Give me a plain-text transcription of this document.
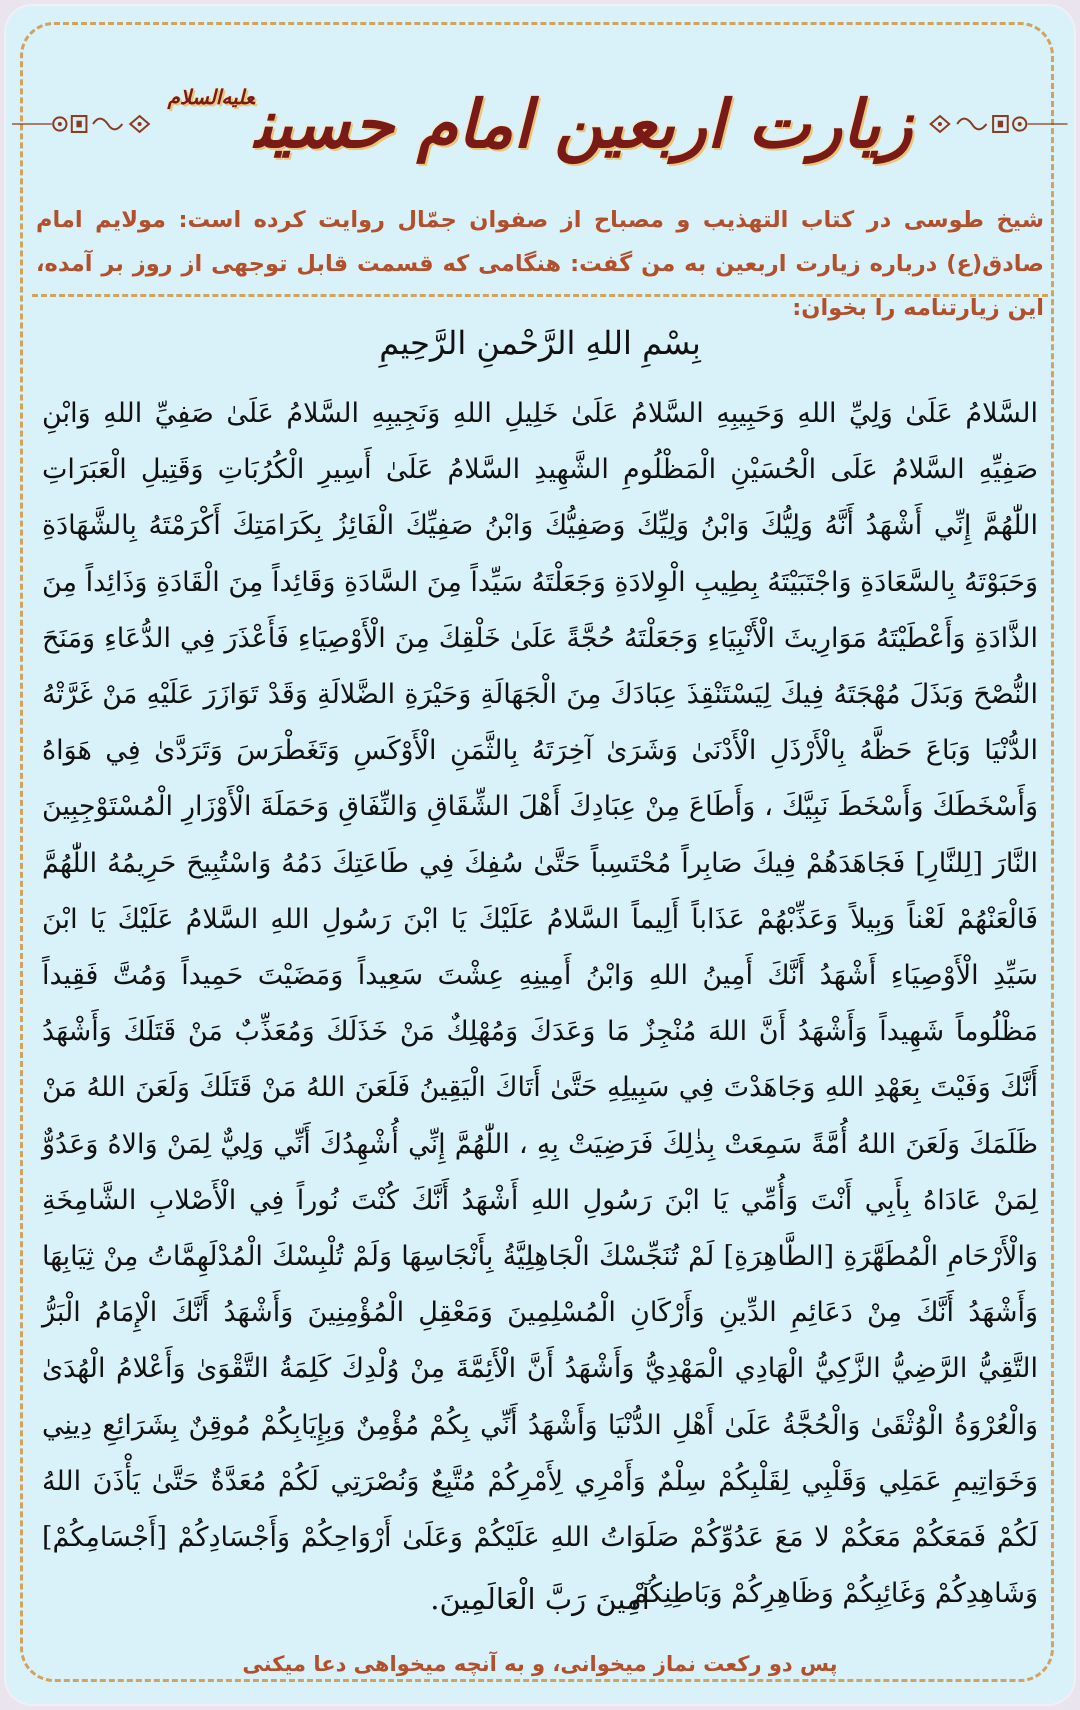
زیارت اربعین امام حسین$^{علیه‌السلام}$
شیخ طوسی در کتاب التهذیب و مصباح از صفوان جمّال روایت کرده است: مولایم امام صادق(ع) درباره زیارت اربعین به من گفت: هنگامی که قسمت قابل توجهی از روز بر آمده، این زیارتنامه را بخوان:
بِسْمِ اللهِ الرَّحْمنِ الرَّحِيمِ
السَّلامُ عَلَىٰ وَلِيِّ اللهِ وَحَبِيبِهِ السَّلامُ عَلَىٰ خَلِيلِ اللهِ وَنَجِيبِهِ السَّلامُ عَلَىٰ صَفِيِّ اللهِ وَابْنِ صَفِيِّهِ السَّلامُ عَلَى الْحُسَيْنِ الْمَظْلُومِ الشَّهِيدِ السَّلامُ عَلَىٰ أَسِيرِ الْكُرُبَاتِ وَقَتِيلِ الْعَبَرَاتِ اللّٰهُمَّ إِنِّي أَشْهَدُ أَنَّهُ وَلِيُّكَ وَابْنُ وَلِيِّكَ وَصَفِيُّكَ وَابْنُ صَفِيِّكَ الْفَائِزُ بِكَرَامَتِكَ أَكْرَمْتَهُ بِالشَّهَادَةِ وَحَبَوْتَهُ بِالسَّعَادَةِ وَاجْتَبَيْتَهُ بِطِيبِ الْوِلادَةِ وَجَعَلْتَهُ سَيِّداً مِنَ السَّادَةِ وَقَائِداً مِنَ الْقَادَةِ وَذَائِداً مِنَ الذَّادَةِ وَأَعْطَيْتَهُ مَوَارِيثَ الْأَنْبِيَاءِ وَجَعَلْتَهُ حُجَّةً عَلَىٰ خَلْقِكَ مِنَ الْأَوْصِيَاءِ فَأَعْذَرَ فِي الدُّعَاءِ وَمَنَحَ النُّصْحَ وَبَذَلَ مُهْجَتَهُ فِيكَ لِيَسْتَنْقِذَ عِبَادَكَ مِنَ الْجَهَالَةِ وَحَيْرَةِ الضَّلالَةِ وَقَدْ تَوَازَرَ عَلَيْهِ مَنْ غَرَّتْهُ الدُّنْيَا وَبَاعَ حَظَّهُ بِالْأَرْذَلِ الْأَدْنَىٰ وَشَرَىٰ آخِرَتَهُ بِالثَّمَنِ الْأَوْكَسِ وَتَغَطْرَسَ وَتَرَدَّىٰ فِي هَوَاهُ وَأَسْخَطَكَ وَأَسْخَطَ نَبِيَّكَ ، وَأَطَاعَ مِنْ عِبَادِكَ أَهْلَ الشِّقَاقِ وَالنِّفَاقِ وَحَمَلَةَ الْأَوْزَارِ الْمُسْتَوْجِبِينَ النَّارَ [لِلنَّارِ] فَجَاهَدَهُمْ فِيكَ صَابِراً مُحْتَسِباً حَتَّىٰ سُفِكَ فِي طَاعَتِكَ دَمُهُ وَاسْتُبِيحَ حَرِيمُهُ اللّٰهُمَّ فَالْعَنْهُمْ لَعْناً وَبِيلاً وَعَذِّبْهُمْ عَذَاباً أَلِيماً السَّلامُ عَلَيْكَ يَا ابْنَ رَسُولِ اللهِ السَّلامُ عَلَيْكَ يَا ابْنَ سَيِّدِ الْأَوْصِيَاءِ أَشْهَدُ أَنَّكَ أَمِينُ اللهِ وَابْنُ أَمِينِهِ عِشْتَ سَعِيداً وَمَضَيْتَ حَمِيداً وَمُتَّ فَقِيداً مَظْلُوماً شَهِيداً وَأَشْهَدُ أَنَّ اللهَ مُنْجِزٌ مَا وَعَدَكَ وَمُهْلِكٌ مَنْ خَذَلَكَ وَمُعَذِّبٌ مَنْ قَتَلَكَ وَأَشْهَدُ أَنَّكَ وَفَيْتَ بِعَهْدِ اللهِ وَجَاهَدْتَ فِي سَبِيلِهِ حَتَّىٰ أَتَاكَ الْيَقِينُ فَلَعَنَ اللهُ مَنْ قَتَلَكَ وَلَعَنَ اللهُ مَنْ ظَلَمَكَ وَلَعَنَ اللهُ أُمَّةً سَمِعَتْ بِذٰلِكَ فَرَضِيَتْ بِهِ ، اللّٰهُمَّ إِنِّي أُشْهِدُكَ أَنِّي وَلِيٌّ لِمَنْ وَالاهُ وَعَدُوٌّ لِمَنْ عَادَاهُ بِأَبِي أَنْتَ وَأُمِّي يَا ابْنَ رَسُولِ اللهِ أَشْهَدُ أَنَّكَ كُنْتَ نُوراً فِي الْأَصْلابِ الشَّامِخَةِ وَالْأَرْحَامِ الْمُطَهَّرَةِ [الطَّاهِرَةِ] لَمْ تُنَجِّسْكَ الْجَاهِلِيَّةُ بِأَنْجَاسِهَا وَلَمْ تُلْبِسْكَ الْمُدْلَهِمَّاتُ مِنْ ثِيَابِهَا وَأَشْهَدُ أَنَّكَ مِنْ دَعَائِمِ الدِّينِ وَأَرْكَانِ الْمُسْلِمِينَ وَمَعْقِلِ الْمُؤْمِنِينَ وَأَشْهَدُ أَنَّكَ الْإِمَامُ الْبَرُّ التَّقِيُّ الرَّضِيُّ الزَّكِيُّ الْهَادِي الْمَهْدِيُّ وَأَشْهَدُ أَنَّ الْأَئِمَّةَ مِنْ وُلْدِكَ كَلِمَةُ التَّقْوَىٰ وَأَعْلامُ الْهُدَىٰ وَالْعُرْوَةُ الْوُثْقَىٰ وَالْحُجَّةُ عَلَىٰ أَهْلِ الدُّنْيَا وَأَشْهَدُ أَنِّي بِكُمْ مُؤْمِنٌ وَبِإِيَابِكُمْ مُوقِنٌ بِشَرَائِعِ دِينِي وَخَوَاتِيمِ عَمَلِي وَقَلْبِي لِقَلْبِكُمْ سِلْمٌ وَأَمْرِي لِأَمْرِكُمْ مُتَّبِعٌ وَنُصْرَتِي لَكُمْ مُعَدَّةٌ حَتَّىٰ يَأْذَنَ اللهُ لَكُمْ فَمَعَكُمْ مَعَكُمْ لا مَعَ عَدُوِّكُمْ صَلَوَاتُ اللهِ عَلَيْكُمْ وَعَلَىٰ أَرْوَاحِكُمْ وَأَجْسَادِكُمْ [أَجْسَامِكُمْ] وَشَاهِدِكُمْ وَغَائِبِكُمْ وَظَاهِرِكُمْ وَبَاطِنِكُمْ
آمِينَ رَبَّ الْعَالَمِينَ.
پس دو رکعت نماز میخوانی، و به آنچه میخواهی دعا میکنی
